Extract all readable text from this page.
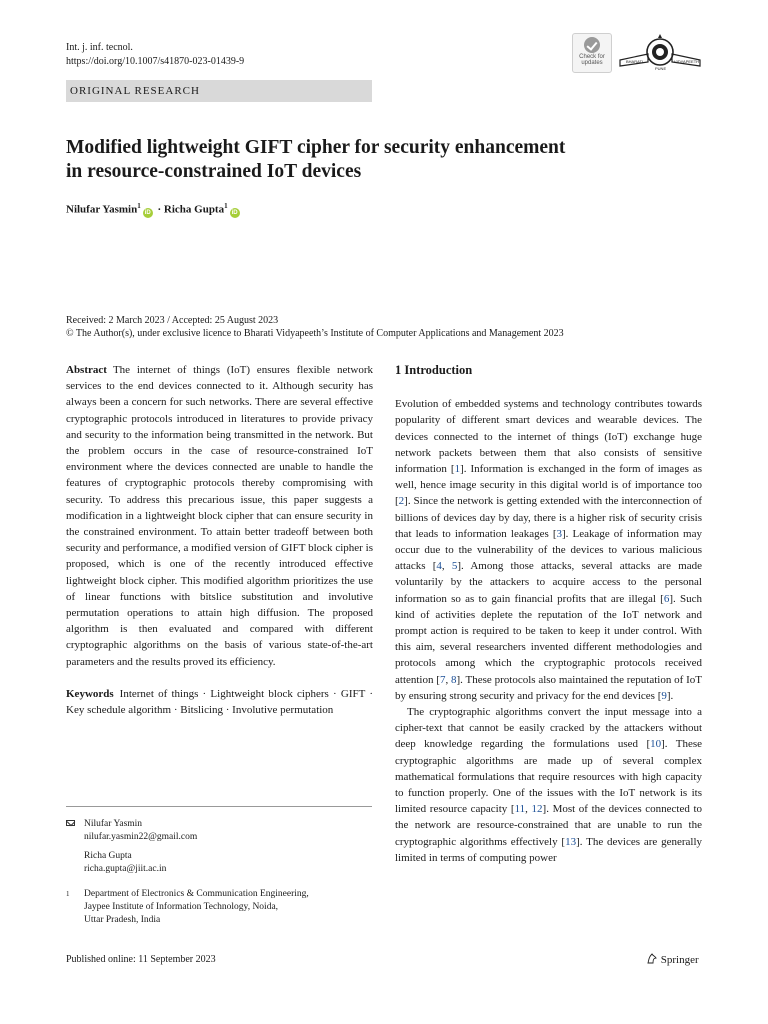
Int. j. inf. tecnol.
https://doi.org/10.1007/s41870-023-01439-9	Check for
updates	BHARATI	VIDYAPEETH
PUNE
ORIGINAL RESEARCH
Modified lightweight GIFT cipher for security enhancement
in resource-constrained IoT devices
Nilufar Yasmin$^1$iD · Richa Gupta$^1$iD
Received: 2 March 2023 / Accepted: 25 August 2023
© The Author(s), under exclusive licence to Bharati Vidyapeeth’s Institute of Computer Applications and Management 2023

Abstract The internet of things (IoT) ensures flexible network services to the end devices connected to it. Although security has always been a concern for such networks. There are several effective cryptographic protocols introduced in literatures to provide privacy and security to the information being transmitted in the network. But the problem occurs in the case of resource-constrained IoT environment where the devices connected are unable to handle the features of cryptographic protocols thereby compromising with security. To address this precarious issue, this paper suggests a modification in a lightweight block cipher that can ensure security in the constrained environment. To attain better tradeoff between both security and performance, a modified version of GIFT block cipher is proposed, which is one of the recently introduced effective lightweight block cipher. This modified algorithm prioritizes the use of linear functions with bitslice substitution and involutive permutation operations to attain high diffusion. The proposed algorithm is then evaluated and compared with different cryptographic algorithms on the basis of various state-of-the-art parameters and the results proved its efficiency.

Keywords Internet of things · Lightweight block ciphers · GIFT · Key schedule algorithm · Bitslicing · Involutive permutation

Nilufar Yasmin
nilufar.yasmin22@gmail.com
Richa Gupta
richa.gupta@jiit.ac.in
1	Department of Electronics & Communication Engineering,
Jaypee Institute of Information Technology, Noida,
Uttar Pradesh, India
1 Introduction

Evolution of embedded systems and technology contributes towards popularity of different smart devices and wearable devices. The devices connected to the internet of things (IoT) exchange huge network packets between them that also consists of sensitive information [1]. Information is exchanged in the form of images as well, hence image security in this digital world is of importance too [2]. Since the network is getting extended with the interconnection of billions of devices day by day, there is a higher risk of security crisis that leads to information leakages [3]. Leakage of information may occur due to the vulnerability of the devices to various malicious attacks [4, 5]. Among those attacks, several attacks are made voluntarily by the attackers to acquire access to the personal information so as to gain financial profits that are illegal [6]. Such kind of activities deplete the reputation of the IoT network and prompt action is required to be taken to keep it under control. With this aim, several researchers invented different methodologies and protocols among which the cryptographic protocols received attention [7, 8]. These protocols also maintained the reputation of IoT by ensuring strong security and privacy for the end devices [9].

The cryptographic algorithms convert the input message into a cipher-text that cannot be easily cracked by the attackers without deep knowledge regarding the formulations used [10]. These cryptographic algorithms are made up of several complex mathematical formulations that require resources with high capacity to function properly. One of the issues with the IoT network is its limited resource capacity [11, 12]. Most of the devices connected to the network are resource-constrained that are unable to run the cryptographic algorithms effectively [13]. The devices are generally limited in terms of computing power

Published online: 11 September 2023	Springer
